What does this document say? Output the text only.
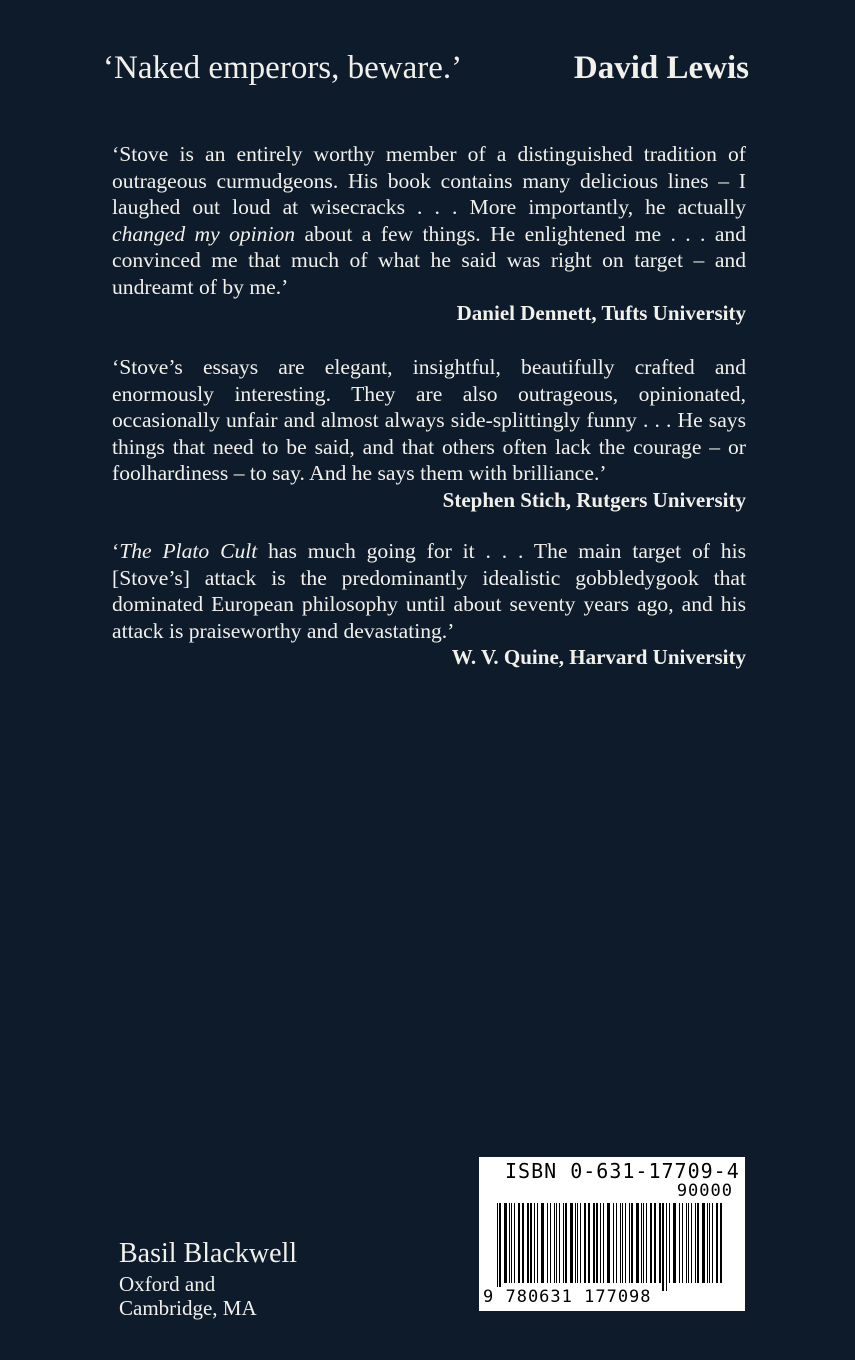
‘Naked emperors, beware.’	David Lewis

‘Stove is an entirely worthy member of a distinguished tradition of outrageous curmudgeons. His book contains many delicious lines – I laughed out loud at wisecracks . . . More importantly, he actually changed my opinion about a few things. He enlightened me . . . and convinced me that much of what he said was right on target – and undreamt of by me.’

Daniel Dennett, Tufts University

‘Stove’s essays are elegant, insightful, beautifully crafted and enormously interesting. They are also outrageous, opinionated, occasionally unfair and almost always side-splittingly funny . . . He says things that need to be said, and that others often lack the courage – or foolhardiness – to say. And he says them with brilliance.’

Stephen Stich, Rutgers University

‘The Plato Cult has much going for it . . . The main target of his [Stove’s] attack is the predominantly idealistic gobbledygook that dominated European philosophy until about seventy years ago, and his attack is praiseworthy and devastating.’

W. V. Quine, Harvard University
Basil Blackwell
Oxford and
Cambridge, MA
ISBN 0-631-17709-4
90000
9 780631 177098
